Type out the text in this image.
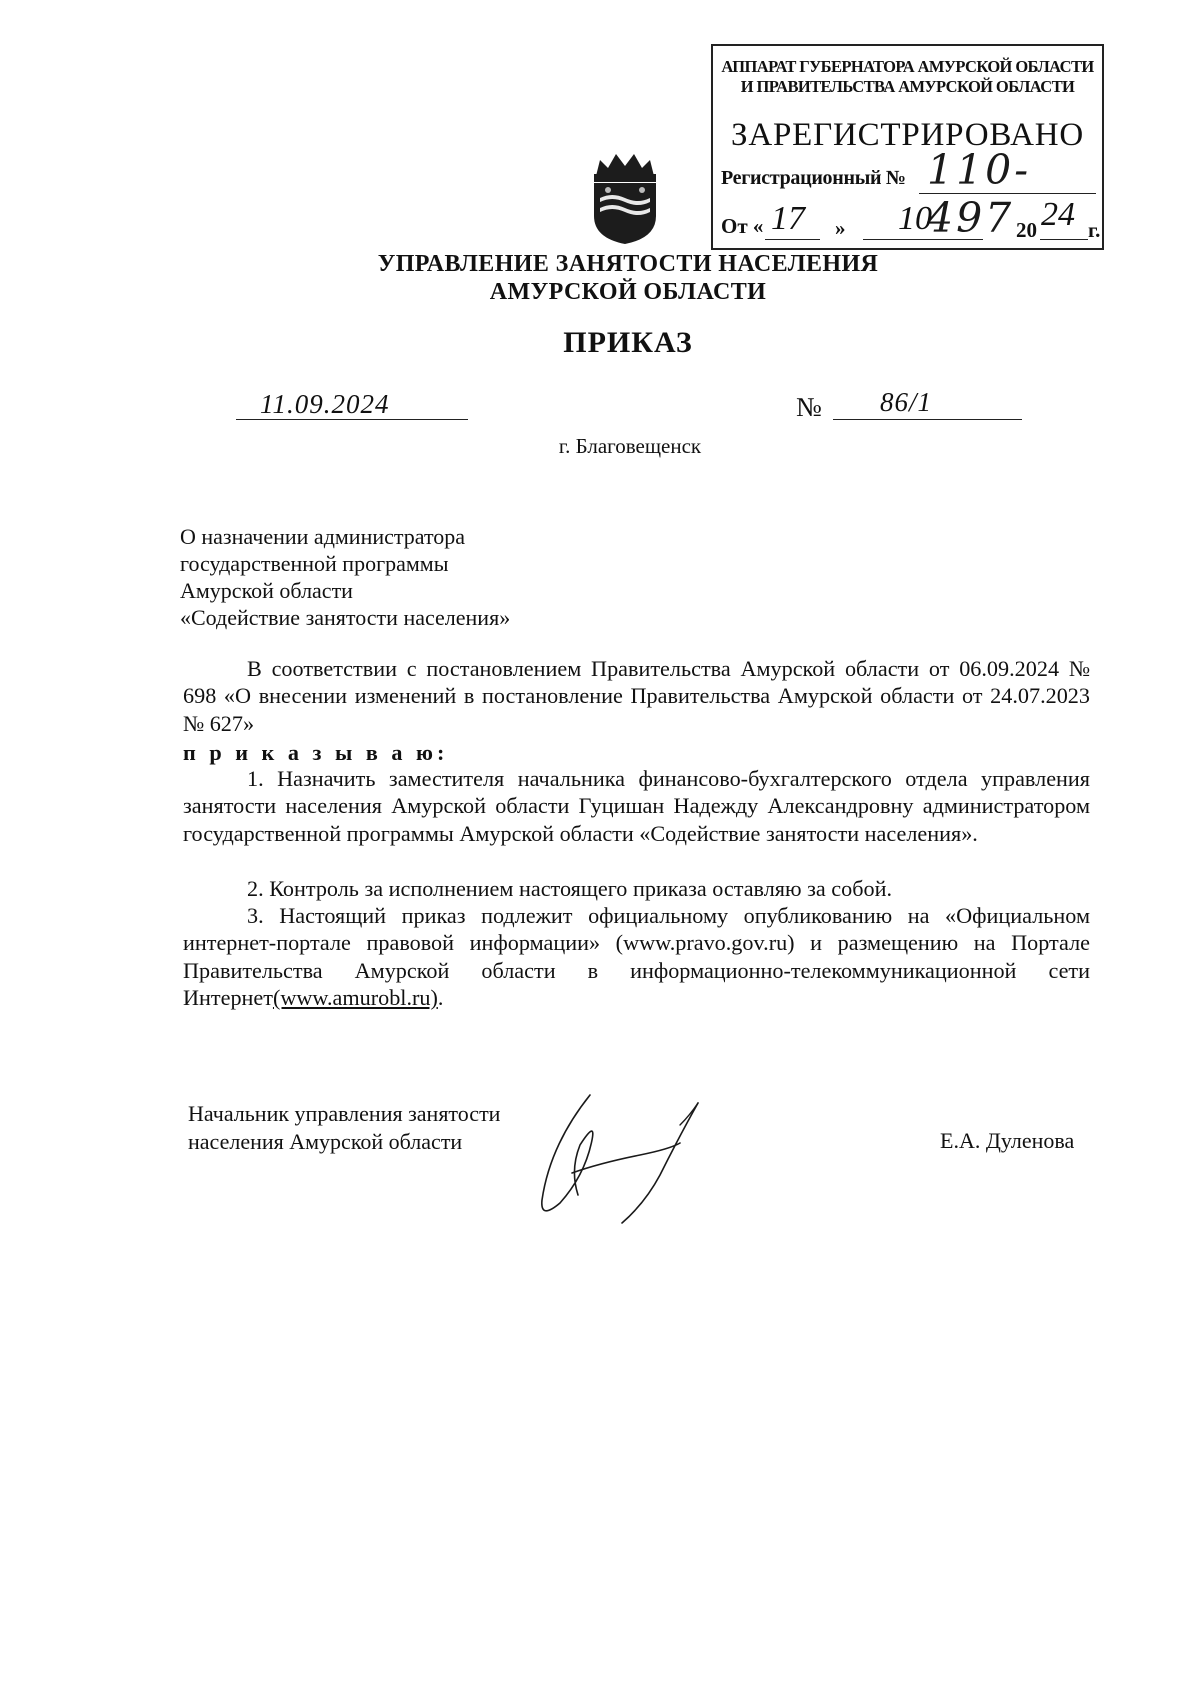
АППАРАТ ГУБЕРНАТОРА АМУРСКОЙ ОБЛАСТИ
И ПРАВИТЕЛЬСТВА АМУРСКОЙ ОБЛАСТИ
ЗАРЕГИСТРИРОВАНО
Регистрационный № 110-497
От « 17 » 10	20 24 г.
УПРАВЛЕНИЕ ЗАНЯТОСТИ НАСЕЛЕНИЯ
АМУРСКОЙ ОБЛАСТИ
ПРИКАЗ
11.09.2024	№ 86/1
г. Благовещенск
О назначении администратора
государственной программы
Амурской области
«Содействие занятости населения»
В соответствии с постановлением Правительства Амурской области от 06.09.2024 № 698 «О внесении изменений в постановление Правительства Амурской области от 24.07.2023 № 627»
п р и к а з ы в а ю:
1. Назначить заместителя начальника финансово-бухгалтерского отдела управления занятости населения Амурской области Гуцишан Надежду Александровну администратором государственной программы Амурской области «Содействие занятости населения».
2. Контроль за исполнением настоящего приказа оставляю за собой.
3. Настоящий приказ подлежит официальному опубликованию на «Официальном интернет-портале правовой информации» (www.pravo.gov.ru) и размещению на Портале Правительства Амурской области в информационно-телекоммуникационной сети Интернет(www.amurobl.ru).
Начальник управления занятости
населения Амурской области	Е.А. Дуленова
